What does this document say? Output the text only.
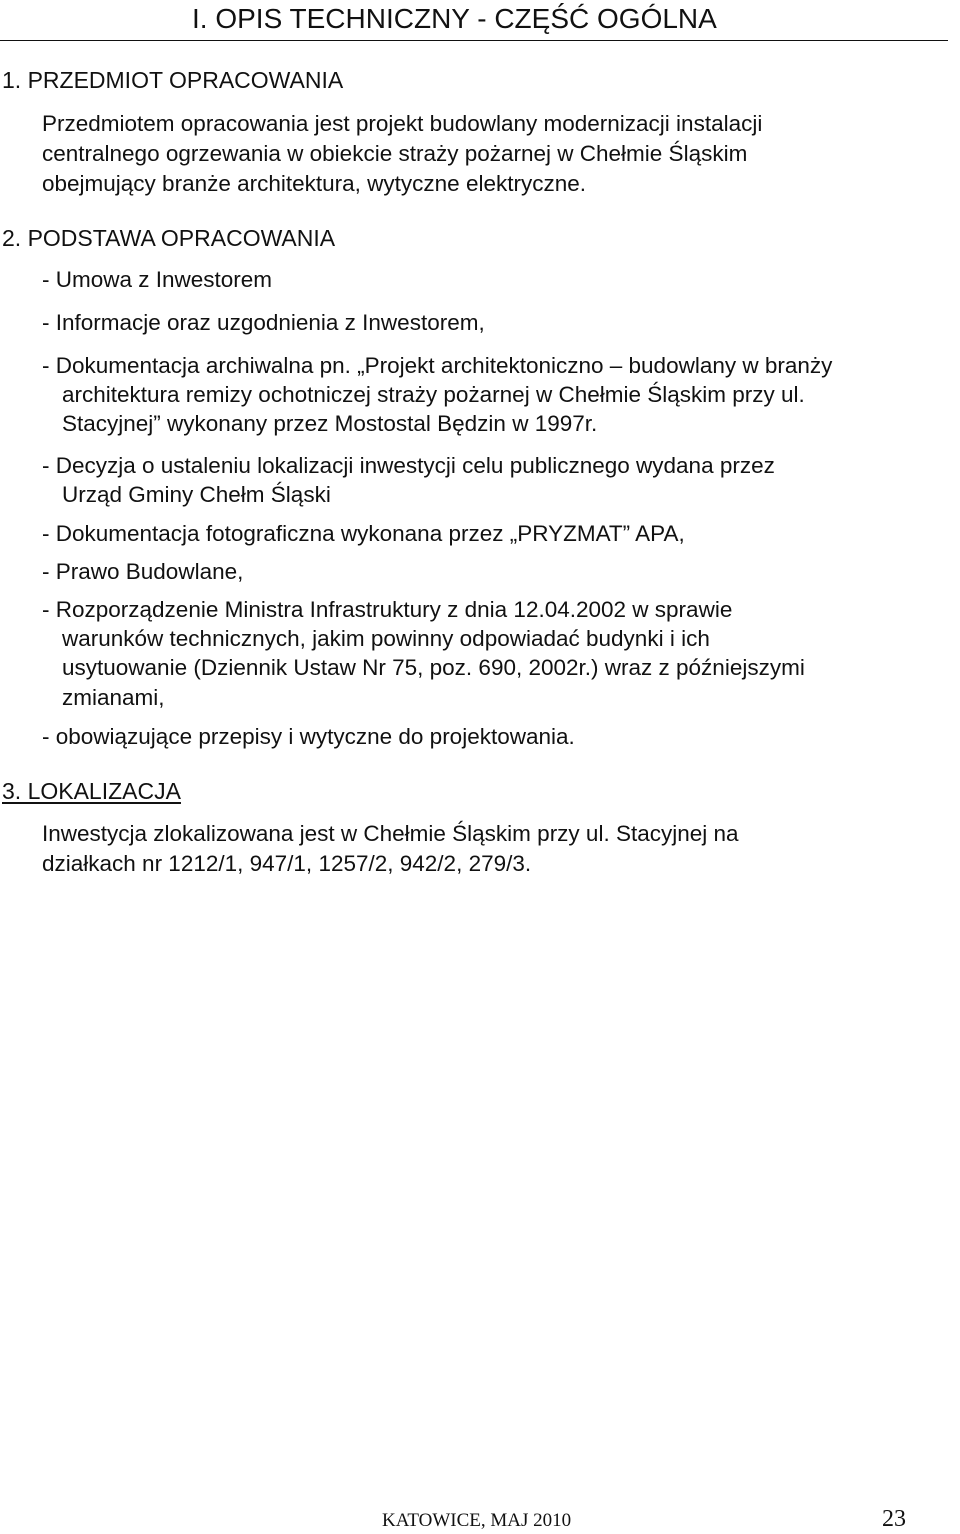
I. OPIS TECHNICZNY - CZĘŚĆ OGÓLNA
1. PRZEDMIOT OPRACOWANIA
Przedmiotem opracowania jest projekt budowlany modernizacji instalacji
centralnego ogrzewania w obiekcie straży pożarnej w Chełmie Śląskim
obejmujący branże architektura, wytyczne elektryczne.
2. PODSTAWA OPRACOWANIA
- Umowa z Inwestorem
- Informacje oraz uzgodnienia z Inwestorem,
- Dokumentacja archiwalna pn. „Projekt architektoniczno – budowlany w branży
architektura remizy ochotniczej straży pożarnej w Chełmie Śląskim przy ul.
Stacyjnej” wykonany przez Mostostal Będzin w 1997r.
- Decyzja o ustaleniu lokalizacji inwestycji celu publicznego wydana przez
Urząd Gminy Chełm Śląski
- Dokumentacja fotograficzna wykonana przez „PRYZMAT” APA,
- Prawo Budowlane,
- Rozporządzenie Ministra Infrastruktury z dnia 12.04.2002 w sprawie
warunków technicznych, jakim powinny odpowiadać budynki i ich
usytuowanie (Dziennik Ustaw Nr 75, poz. 690, 2002r.) wraz z późniejszymi
zmianami,
- obowiązujące przepisy i wytyczne do projektowania.
3. LOKALIZACJA
Inwestycja zlokalizowana jest w Chełmie Śląskim przy ul. Stacyjnej na
działkach nr 1212/1, 947/1, 1257/2, 942/2, 279/3.
KATOWICE, MAJ 2010	23
